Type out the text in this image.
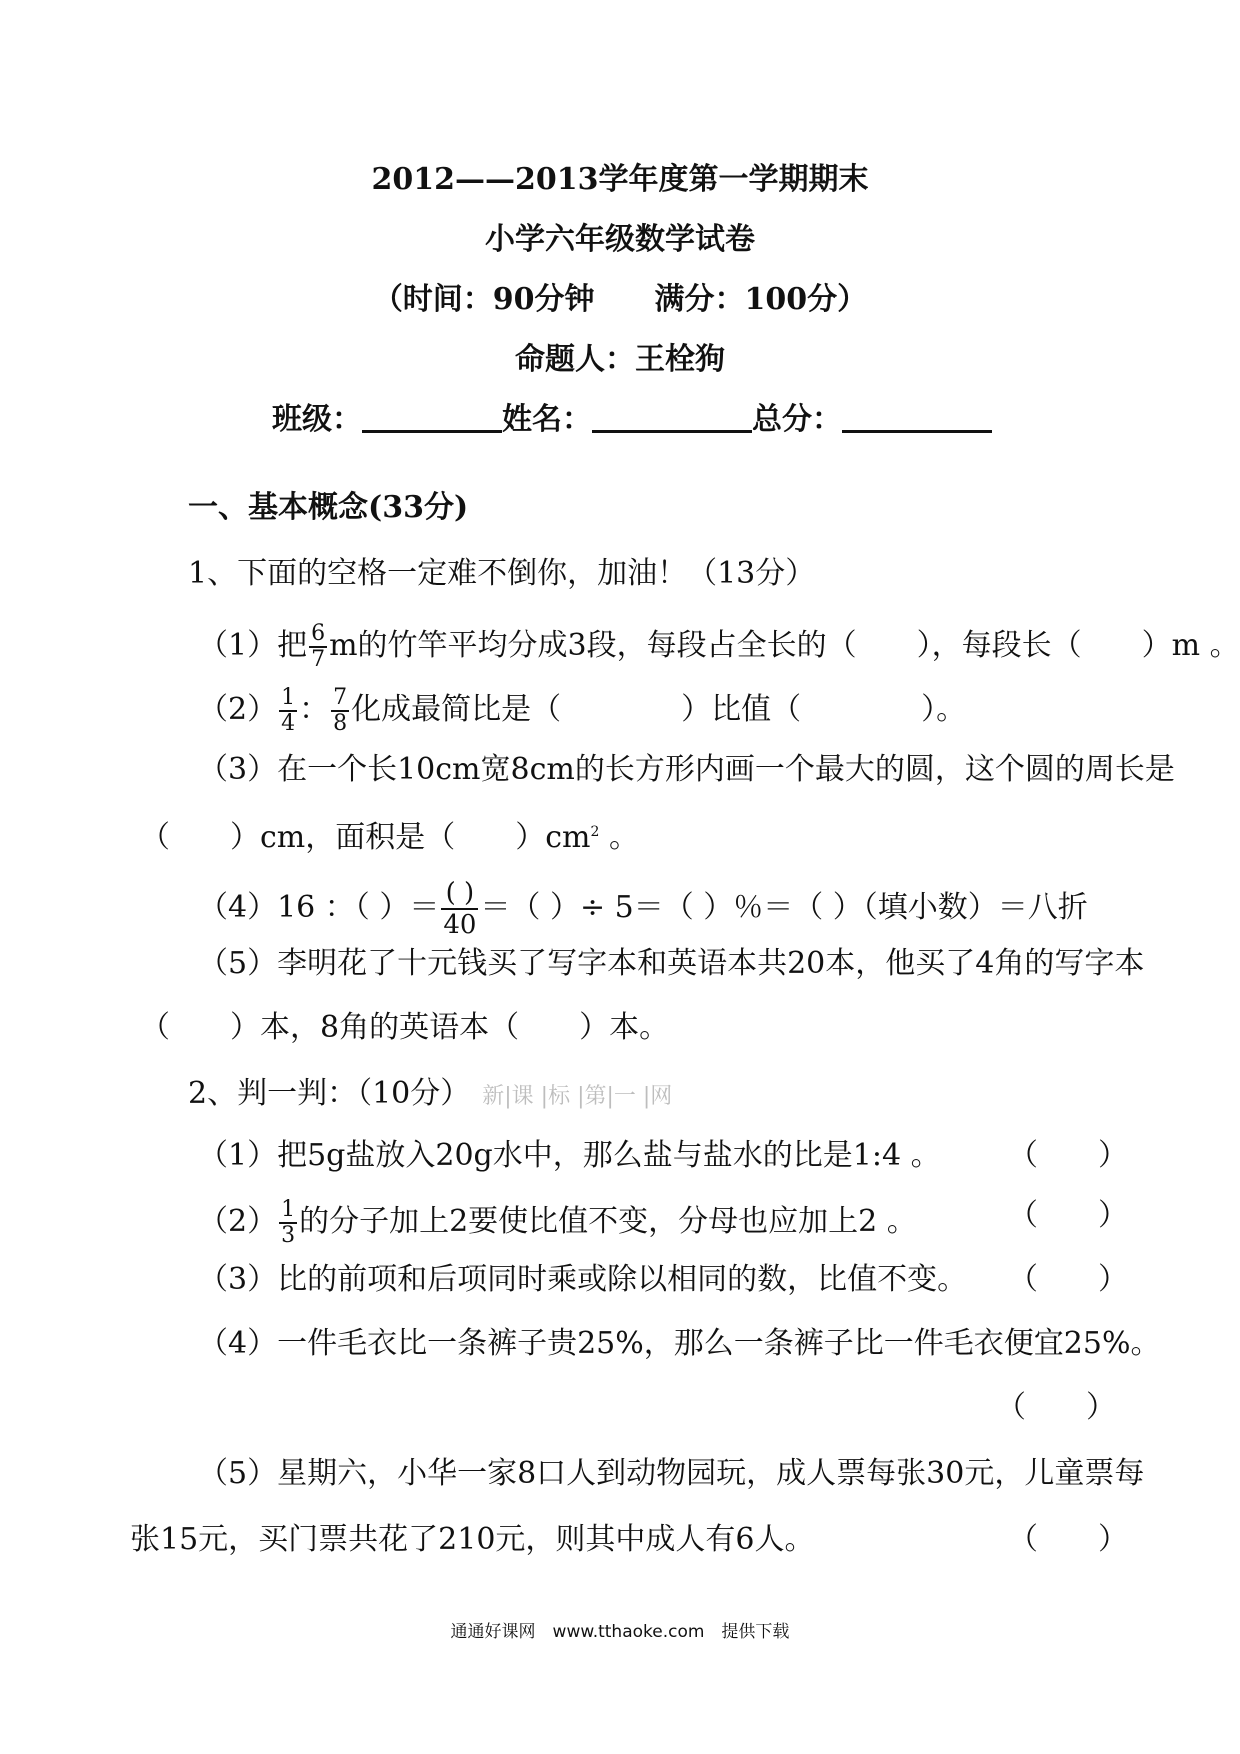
2012——2013学年度第一学期期末
小学六年级数学试卷
（时间：90分钟　　满分：100分）
命题人：王栓狗
班级：	姓名：	总分：
一、基本概念(33分)
1、下面的空格一定难不倒你，加油！（13分）
（1）把 $\frac{6}{7}$ m的竹竿平均分成3段，每段占全长的（　　），每段长（　　）m 。
$(2) \frac{1}{4}$ ： $\frac{7}{8}$ 化成最简比是（　　　　）比值（　　　　）。
（3）在一个长10cm宽8cm的长方形内画一个最大的圆，这个圆的周长是
（　　）cm，面积是（　　）$cm^2$ 。
（4）16 ：（ ）＝ $\frac{( )}{40}$ ＝（ ）÷ 5＝（ ）％＝（ ）（填小数）＝八折
（5）李明花了十元钱买了写字本和英语本共20本，他买了4角的写字本
（　　）本，8角的英语本（　　）本。
2、判一判：（10分） 新|课 |标 |第|一 |网
（1）把5g盐放入20g水中，那么盐与盐水的比是1:4 。 （　　）
$(2) \frac{1}{3}$ 的分子加上2要使比值不变，分母也应加上2 。	（　　）
（3）比的前项和后项同时乘或除以相同的数，比值不变。 （　　）
（4）一件毛衣比一条裤子贵25%，那么一条裤子比一件毛衣便宜25%。
（　　）
（5）星期六，小华一家8口人到动物园玩，成人票每张30元，儿童票每
张15元，买门票共花了210元，则其中成人有6人。	（　　）
通通好课网　www.tthaoke.com　提供下载
